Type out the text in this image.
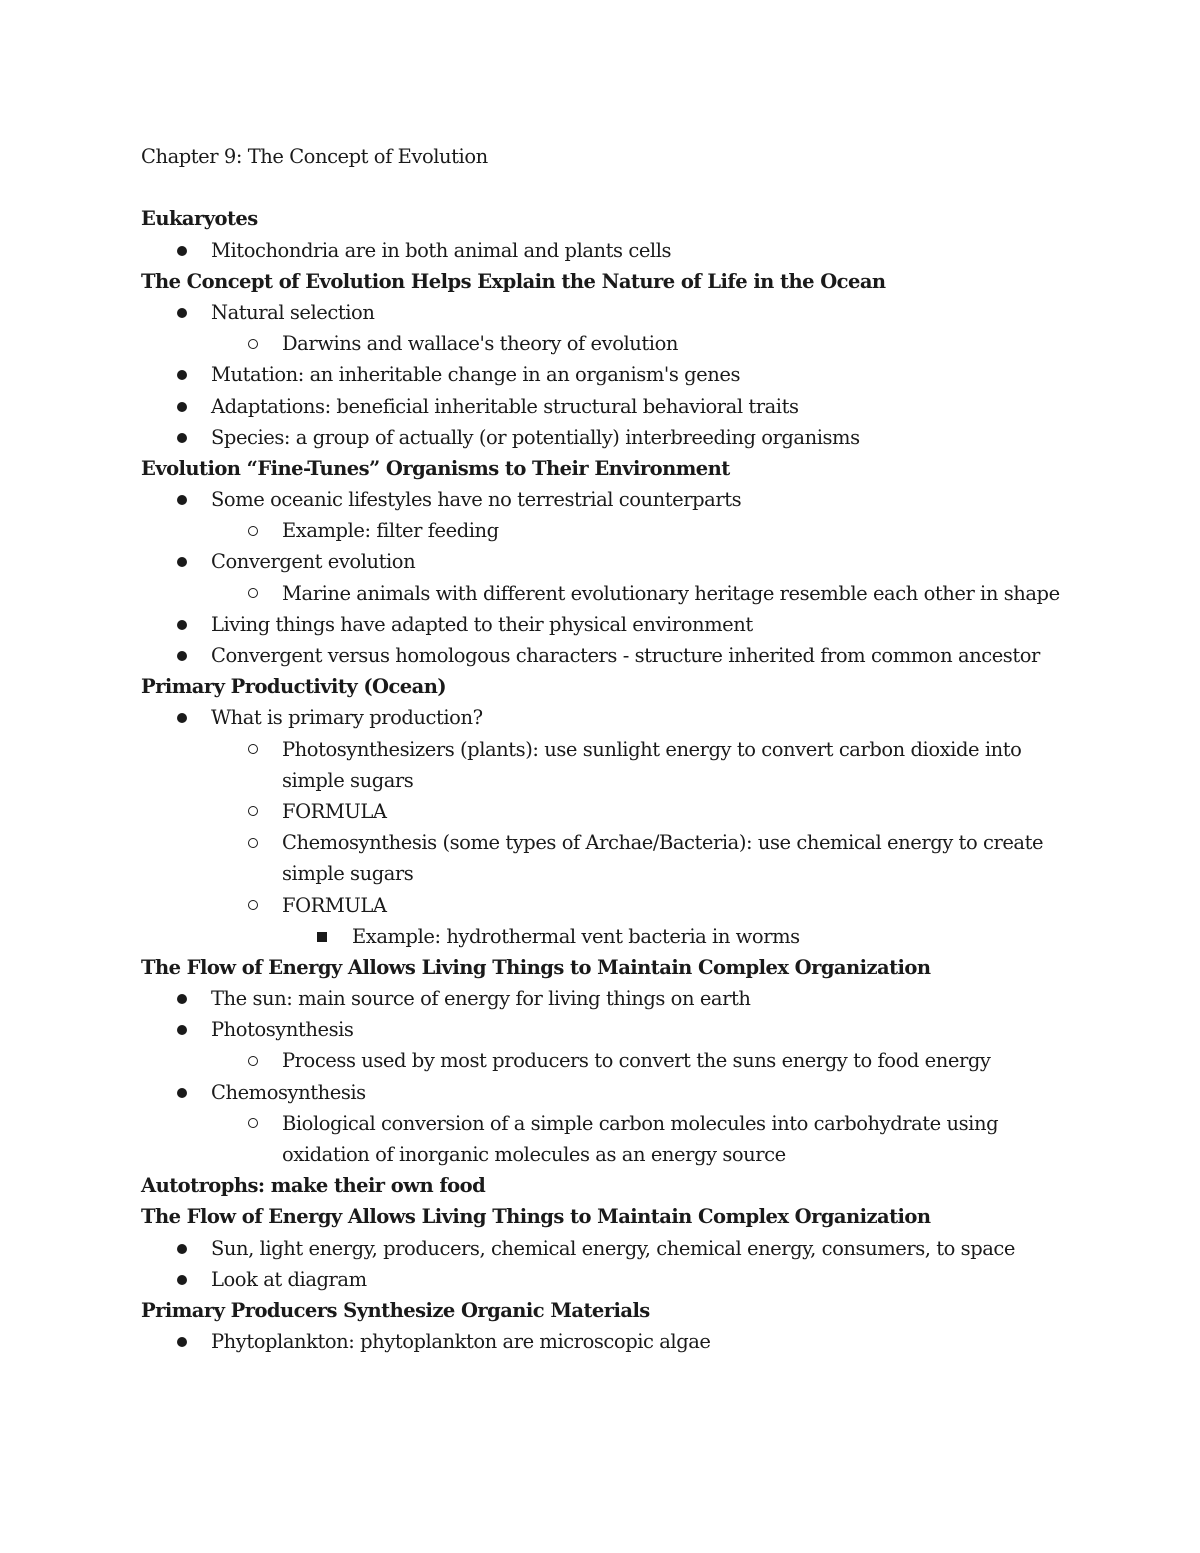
Chapter 9: The Concept of Evolution
Eukaryotes
Mitochondria are in both animal and plants cells
The Concept of Evolution Helps Explain the Nature of Life in the Ocean
Natural selection
Darwins and wallace's theory of evolution
Mutation: an inheritable change in an organism's genes
Adaptations: beneficial inheritable structural behavioral traits
Species: a group of actually (or potentially) interbreeding organisms
Evolution “Fine-Tunes” Organisms to Their Environment
Some oceanic lifestyles have no terrestrial counterparts
Example: filter feeding
Convergent evolution
Marine animals with different evolutionary heritage resemble each other in shape
Living things have adapted to their physical environment
Convergent versus homologous characters - structure inherited from common ancestor
Primary Productivity (Ocean)
What is primary production?
Photosynthesizers (plants): use sunlight energy to convert carbon dioxide into
simple sugars
FORMULA
Chemosynthesis (some types of Archae/Bacteria): use chemical energy to create
simple sugars
FORMULA
Example: hydrothermal vent bacteria in worms
The Flow of Energy Allows Living Things to Maintain Complex Organization
The sun: main source of energy for living things on earth
Photosynthesis
Process used by most producers to convert the suns energy to food energy
Chemosynthesis
Biological conversion of a simple carbon molecules into carbohydrate using
oxidation of inorganic molecules as an energy source
Autotrophs: make their own food
The Flow of Energy Allows Living Things to Maintain Complex Organization
Sun, light energy, producers, chemical energy, chemical energy, consumers, to space
Look at diagram
Primary Producers Synthesize Organic Materials
Phytoplankton: phytoplankton are microscopic algae
